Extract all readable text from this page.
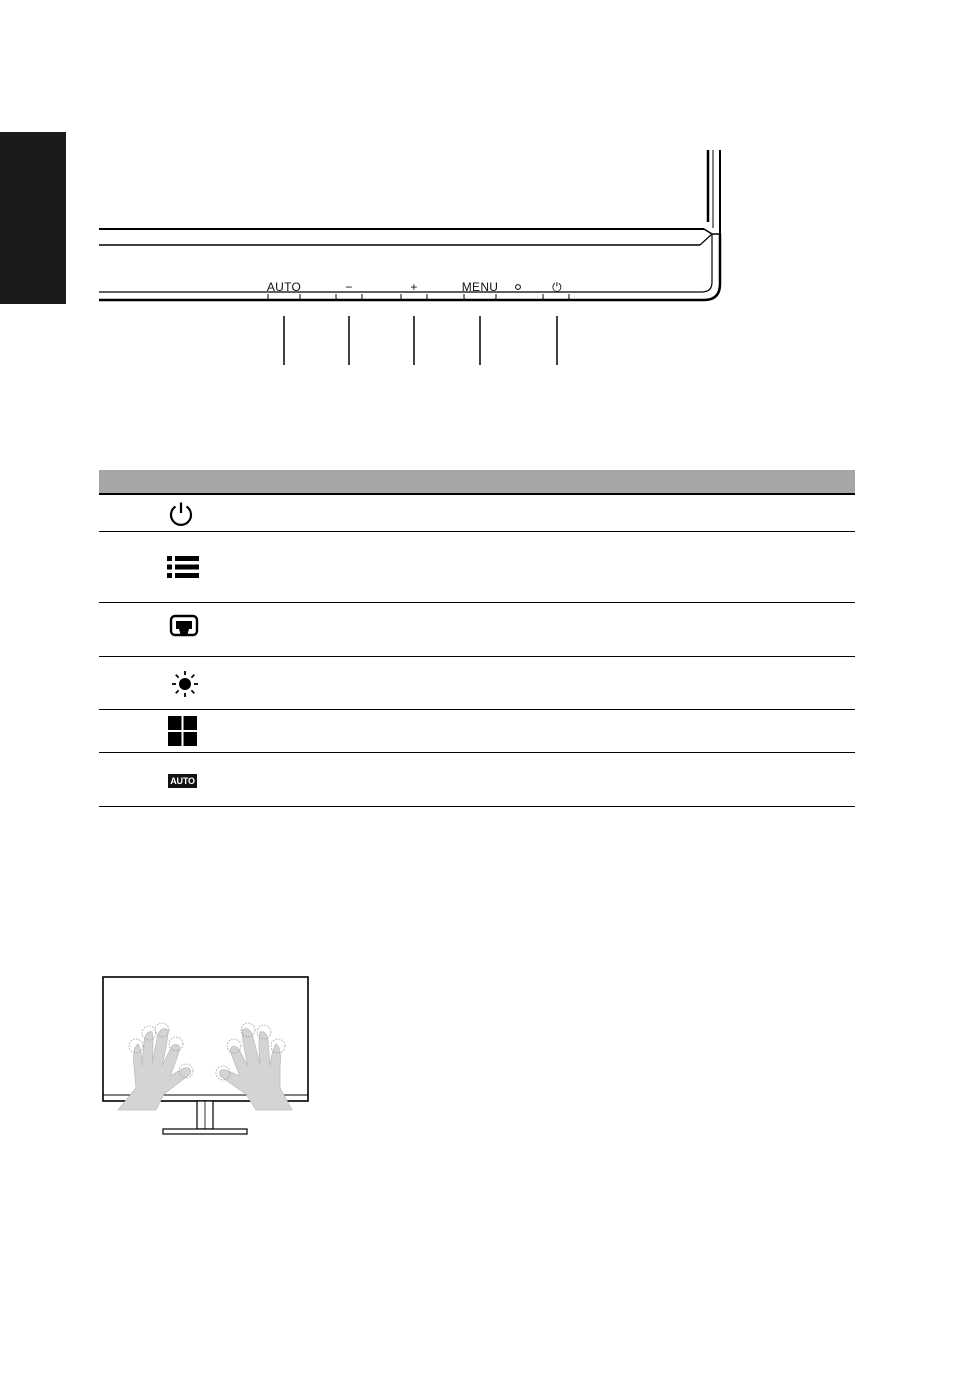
AUTO	−	+	MENU	⏻
AUTO
